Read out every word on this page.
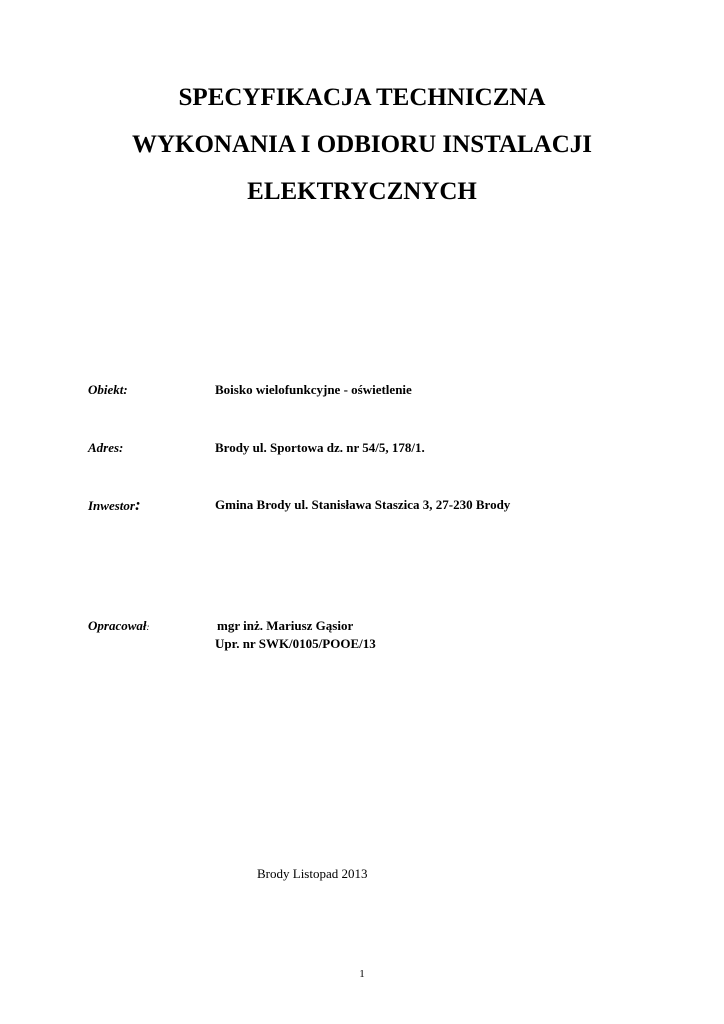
SPECYFIKACJA TECHNICZNA
WYKONANIA I ODBIORU INSTALACJI
ELEKTRYCZNYCH
Obiekt:	Boisko wielofunkcyjne - oświetlenie
Adres:	Brody ul. Sportowa dz. nr 54/5, 178/1.
Inwestor:	Gmina Brody ul. Stanisława Staszica 3, 27-230 Brody
Opracował:	mgr inż. Mariusz Gąsior
Upr. nr SWK/0105/POOE/13
Brody Listopad 2013
1
